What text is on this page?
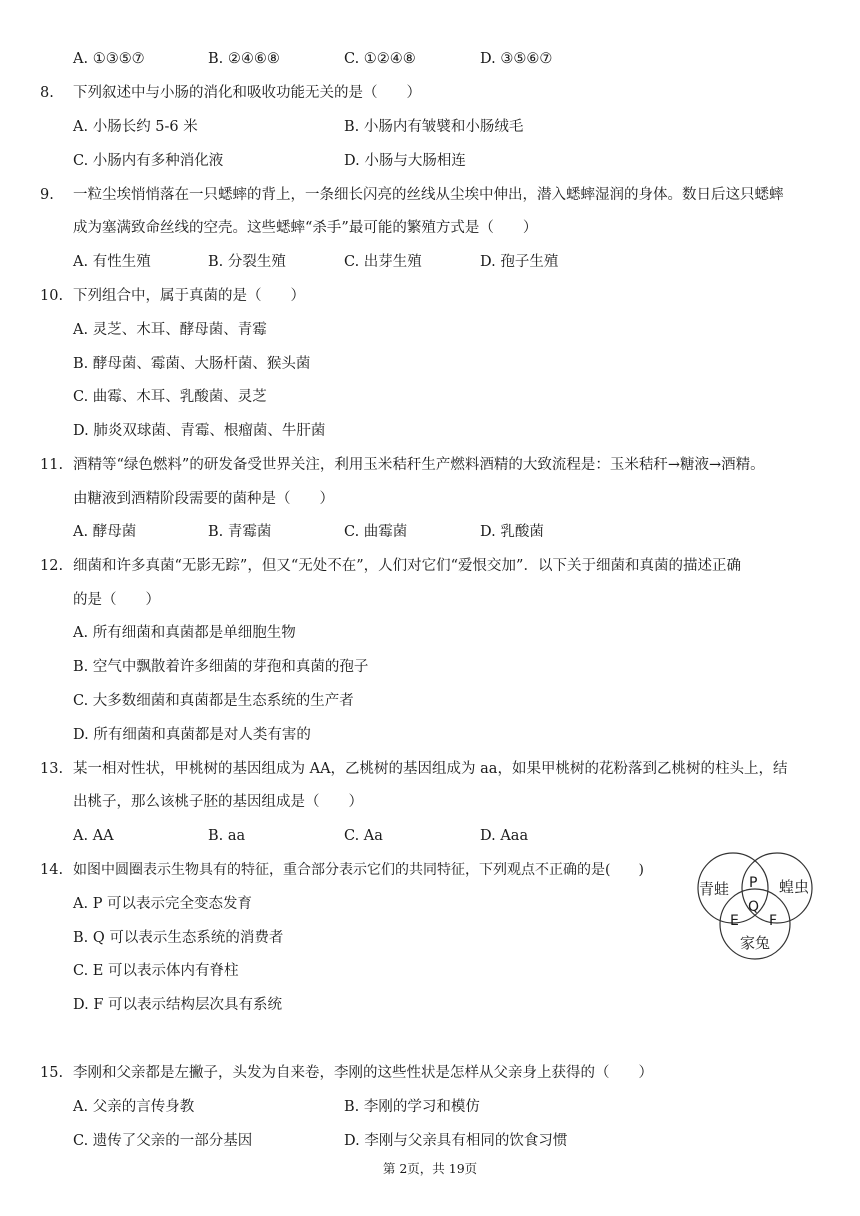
A. ①③⑤⑦	B. ②④⑥⑧	C. ①②④⑧	D. ③⑤⑥⑦
8. 下列叙述中与小肠的消化和吸收功能无关的是（　　）
A. 小肠长约 5-6 米	B. 小肠内有皱襞和小肠绒毛
C. 小肠内有多种消化液	D. 小肠与大肠相连
9. 一粒尘埃悄悄落在一只蟋蟀的背上，一条细长闪亮的丝线从尘埃中伸出，潜入蟋蟀湿润的身体。数日后这只蟋蟀
成为塞满致命丝线的空壳。这些蟋蟀“杀手”最可能的繁殖方式是（　　）
A. 有性生殖	B. 分裂生殖	C. 出芽生殖	D. 孢子生殖
10. 下列组合中，属于真菌的是（　　）
A. 灵芝、木耳、酵母菌、青霉
B. 酵母菌、霉菌、大肠杆菌、猴头菌
C. 曲霉、木耳、乳酸菌、灵芝
D. 肺炎双球菌、青霉、根瘤菌、牛肝菌
11. 酒精等“绿色燃料”的研发备受世界关注，利用玉米秸秆生产燃料酒精的大致流程是：玉米秸秆→糖液→酒精。
由糖液到酒精阶段需要的菌种是（　　）
A. 酵母菌	B. 青霉菌	C. 曲霉菌	D. 乳酸菌
12. 细菌和许多真菌“无影无踪”，但又“无处不在”，人们对它们“爱恨交加”．以下关于细菌和真菌的描述正确
的是（　　）
A. 所有细菌和真菌都是单细胞生物
B. 空气中飘散着许多细菌的芽孢和真菌的孢子
C. 大多数细菌和真菌都是生态系统的生产者
D. 所有细菌和真菌都是对人类有害的
13. 某一相对性状，甲桃树的基因组成为 AA，乙桃树的基因组成为 aa，如果甲桃树的花粉落到乙桃树的柱头上，结
出桃子，那么该桃子胚的基因组成是（　　）
A. AA	B. aa	C. Aa	D. Aaa
14. 如图中圆圈表示生物具有的特征，重合部分表示它们的共同特征，下列观点不正确的是(　　)
A. P 可以表示完全变态发育
B. Q 可以表示生态系统的消费者
C. E 可以表示体内有脊柱
D. F 可以表示结构层次具有系统
青蛙	蝗虫
家兔
P
Q
E F
15. 李刚和父亲都是左撇子，头发为自来卷，李刚的这些性状是怎样从父亲身上获得的（　　）
A. 父亲的言传身教	B. 李刚的学习和模仿
C. 遗传了父亲的一部分基因	D. 李刚与父亲具有相同的饮食习惯
第 2页，共 19页
